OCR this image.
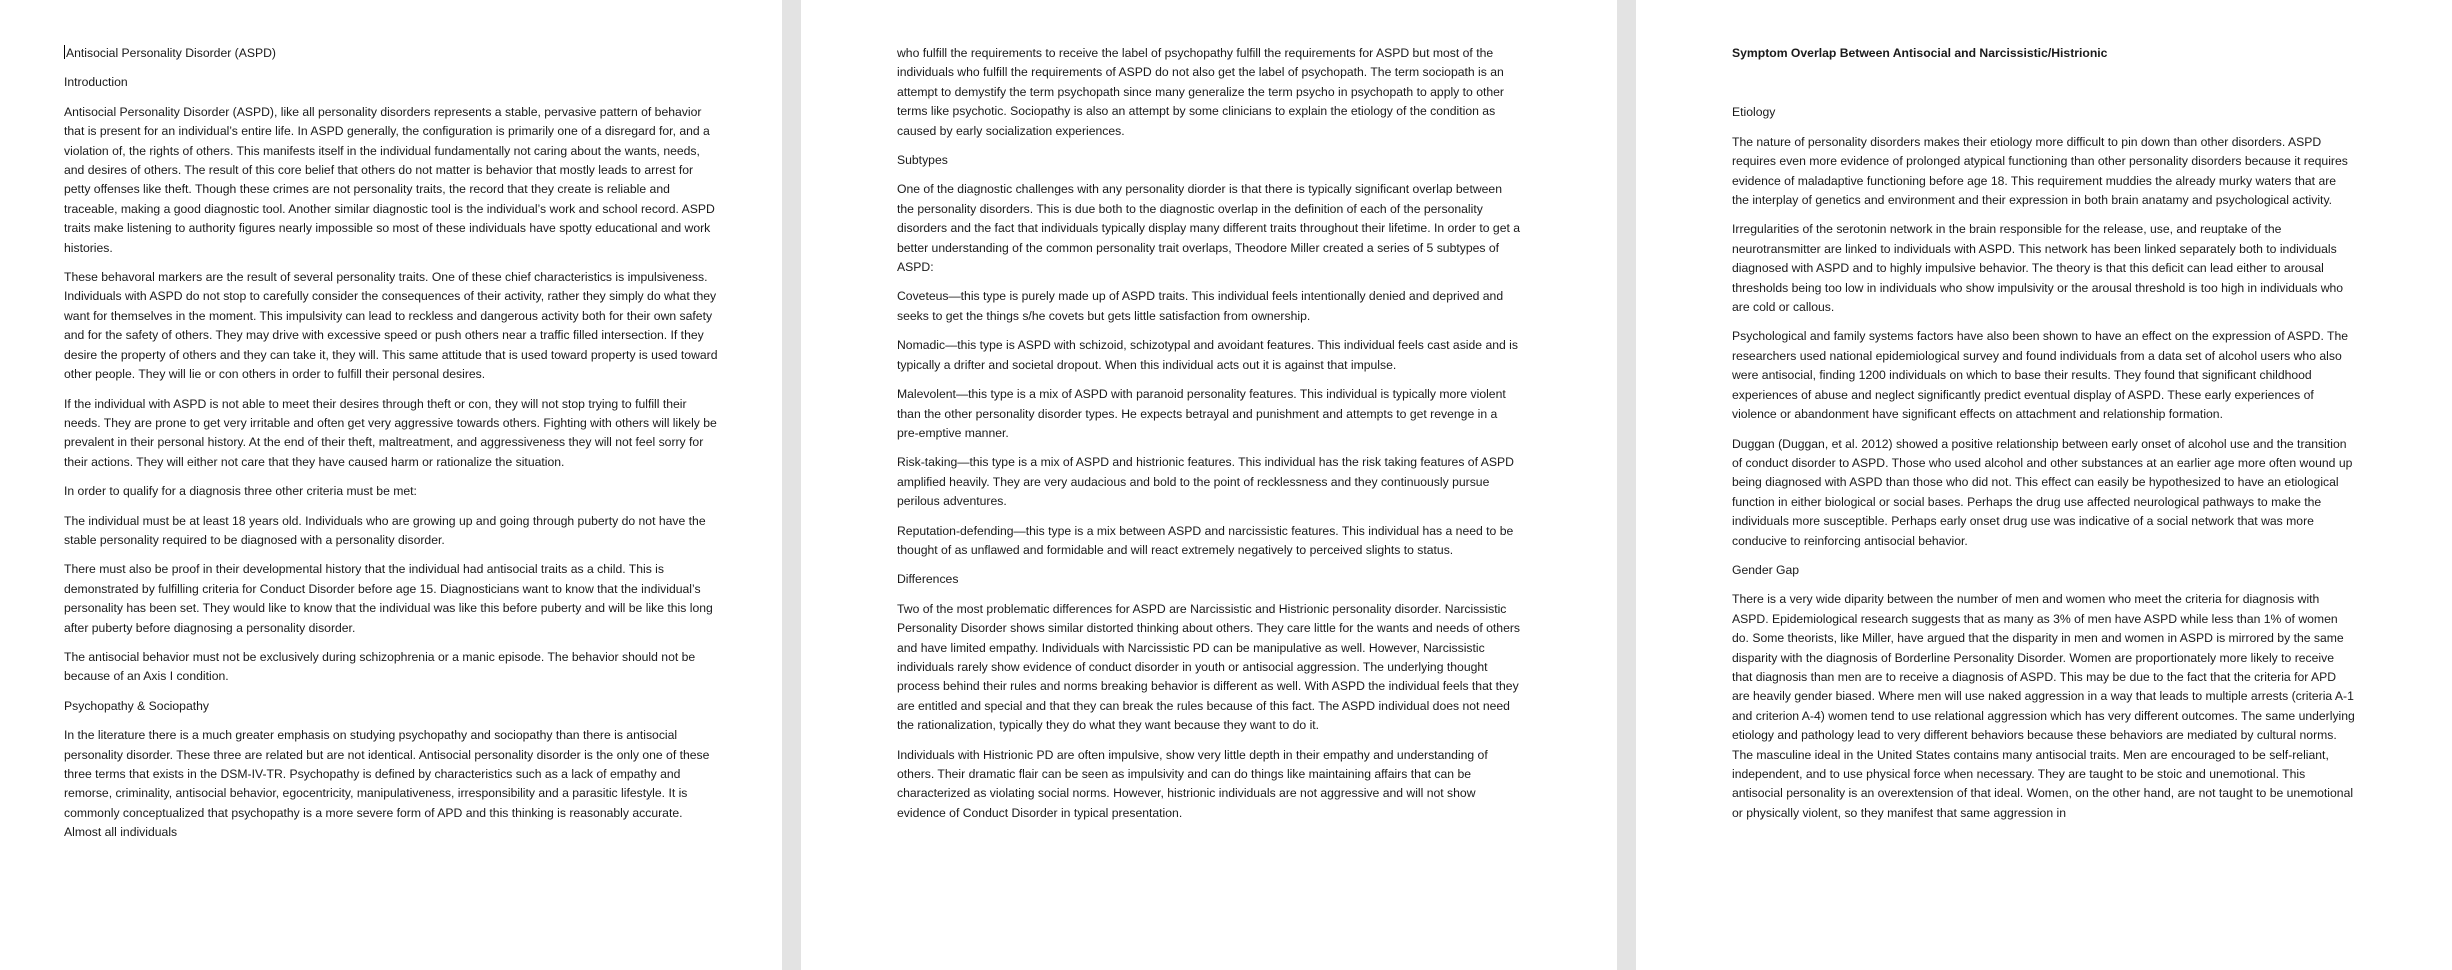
Antisocial Personality Disorder (ASPD)

Introduction

Antisocial Personality Disorder (ASPD), like all personality disorders represents a stable, pervasive pattern of behavior that is present for an individual’s entire life. In ASPD generally, the configuration is primarily one of a disregard for, and a violation of, the rights of others. This manifests itself in the individual fundamentally not caring about the wants, needs, and desires of others. The result of this core belief that others do not matter is behavior that mostly leads to arrest for petty offenses like theft. Though these crimes are not personality traits, the record that they create is reliable and traceable, making a good diagnostic tool. Another similar diagnostic tool is the individual’s work and school record. ASPD traits make listening to authority figures nearly impossible so most of these individuals have spotty educational and work histories.

These behavoral markers are the result of several personality traits. One of these chief characteristics is impulsiveness. Individuals with ASPD do not stop to carefully consider the consequences of their activity, rather they simply do what they want for themselves in the moment. This impulsivity can lead to reckless and dangerous activity both for their own safety and for the safety of others. They may drive with excessive speed or push others near a traffic filled intersection. If they desire the property of others and they can take it, they will. This same attitude that is used toward property is used toward other people. They will lie or con others in order to fulfill their personal desires.

If the individual with ASPD is not able to meet their desires through theft or con, they will not stop trying to fulfill their needs. They are prone to get very irritable and often get very aggressive towards others. Fighting with others will likely be prevalent in their personal history. At the end of their theft, maltreatment, and aggressiveness they will not feel sorry for their actions. They will either not care that they have caused harm or rationalize the situation.

In order to qualify for a diagnosis three other criteria must be met:

The individual must be at least 18 years old. Individuals who are growing up and going through puberty do not have the stable personality required to be diagnosed with a personality disorder.

There must also be proof in their developmental history that the individual had antisocial traits as a child. This is demonstrated by fulfilling criteria for Conduct Disorder before age 15. Diagnosticians want to know that the individual’s personality has been set. They would like to know that the individual was like this before puberty and will be like this long after puberty before diagnosing a personality disorder.

The antisocial behavior must not be exclusively during schizophrenia or a manic episode. The behavior should not be because of an Axis I condition.

Psychopathy & Sociopathy

In the literature there is a much greater emphasis on studying psychopathy and sociopathy than there is antisocial personality disorder. These three are related but are not identical. Antisocial personality disorder is the only one of these three terms that exists in the DSM-IV-TR. Psychopathy is defined by characteristics such as a lack of empathy and remorse, criminality, antisocial behavior, egocentricity, manipulativeness, irresponsibility and a parasitic lifestyle. It is commonly conceptualized that psychopathy is a more severe form of APD and this thinking is reasonably accurate. Almost all individuals

who fulfill the requirements to receive the label of psychopathy fulfill the requirements for ASPD but most of the individuals who fulfill the requirements of ASPD do not also get the label of psychopath. The term sociopath is an attempt to demystify the term psychopath since many generalize the term psycho in psychopath to apply to other terms like psychotic. Sociopathy is also an attempt by some clinicians to explain the etiology of the condition as caused by early socialization experiences.

Subtypes

One of the diagnostic challenges with any personality diorder is that there is typically significant overlap between the personality disorders. This is due both to the diagnostic overlap in the definition of each of the personality disorders and the fact that individuals typically display many different traits throughout their lifetime. In order to get a better understanding of the common personality trait overlaps, Theodore Miller created a series of 5 subtypes of ASPD:

Coveteus—this type is purely made up of ASPD traits. This individual feels intentionally denied and deprived and seeks to get the things s/he covets but gets little satisfaction from ownership.

Nomadic—this type is ASPD with schizoid, schizotypal and avoidant features. This individual feels cast aside and is typically a drifter and societal dropout. When this individual acts out it is against that impulse.

Malevolent—this type is a mix of ASPD with paranoid personality features. This individual is typically more violent than the other personality disorder types. He expects betrayal and punishment and attempts to get revenge in a pre-emptive manner.

Risk-taking—this type is a mix of ASPD and histrionic features. This individual has the risk taking features of ASPD amplified heavily. They are very audacious and bold to the point of recklessness and they continuously pursue perilous adventures.

Reputation-defending—this type is a mix between ASPD and narcissistic features. This individual has a need to be thought of as unflawed and formidable and will react extremely negatively to perceived slights to status.

Differences

Two of the most problematic differences for ASPD are Narcissistic and Histrionic personality disorder. Narcissistic Personality Disorder shows similar distorted thinking about others. They care little for the wants and needs of others and have limited empathy. Individuals with Narcissistic PD can be manipulative as well. However, Narcissistic individuals rarely show evidence of conduct disorder in youth or antisocial aggression. The underlying thought process behind their rules and norms breaking behavior is different as well. With ASPD the individual feels that they are entitled and special and that they can break the rules because of this fact. The ASPD individual does not need the rationalization, typically they do what they want because they want to do it.

Individuals with Histrionic PD are often impulsive, show very little depth in their empathy and understanding of others. Their dramatic flair can be seen as impulsivity and can do things like maintaining affairs that can be characterized as violating social norms. However, histrionic individuals are not aggressive and will not show evidence of Conduct Disorder in typical presentation.

Symptom Overlap Between Antisocial and Narcissistic/Histrionic

Etiology

The nature of personality disorders makes their etiology more difficult to pin down than other disorders. ASPD requires even more evidence of prolonged atypical functioning than other personality disorders because it requires evidence of maladaptive functioning before age 18. This requirement muddies the already murky waters that are the interplay of genetics and environment and their expression in both brain anatamy and psychological activity.

Irregularities of the serotonin network in the brain responsible for the release, use, and reuptake of the neurotransmitter are linked to individuals with ASPD. This network has been linked separately both to individuals diagnosed with ASPD and to highly impulsive behavior. The theory is that this deficit can lead either to arousal thresholds being too low in individuals who show impulsivity or the arousal threshold is too high in individuals who are cold or callous.

Psychological and family systems factors have also been shown to have an effect on the expression of ASPD. The researchers used national epidemiological survey and found individuals from a data set of alcohol users who also were antisocial, finding 1200 individuals on which to base their results. They found that significant childhood experiences of abuse and neglect significantly predict eventual display of ASPD. These early experiences of violence or abandonment have significant effects on attachment and relationship formation.

Duggan (Duggan, et al. 2012) showed a positive relationship between early onset of alcohol use and the transition of conduct disorder to ASPD. Those who used alcohol and other substances at an earlier age more often wound up being diagnosed with ASPD than those who did not. This effect can easily be hypothesized to have an etiological function in either biological or social bases. Perhaps the drug use affected neurological pathways to make the individuals more susceptible. Perhaps early onset drug use was indicative of a social network that was more conducive to reinforcing antisocial behavior.

Gender Gap

There is a very wide diparity between the number of men and women who meet the criteria for diagnosis with ASPD. Epidemiological research suggests that as many as 3% of men have ASPD while less than 1% of women do. Some theorists, like Miller, have argued that the disparity in men and women in ASPD is mirrored by the same disparity with the diagnosis of Borderline Personality Disorder. Women are proportionately more likely to receive that diagnosis than men are to receive a diagnosis of ASPD. This may be due to the fact that the criteria for APD are heavily gender biased. Where men will use naked aggression in a way that leads to multiple arrests (criteria A-1 and criterion A-4) women tend to use relational aggression which has very different outcomes. The same underlying etiology and pathology lead to very different behaviors because these behaviors are mediated by cultural norms. The masculine ideal in the United States contains many antisocial traits. Men are encouraged to be self-reliant, independent, and to use physical force when necessary. They are taught to be stoic and unemotional. This antisocial personality is an overextension of that ideal. Women, on the other hand, are not taught to be unemotional or physically violent, so they manifest that same aggression in
